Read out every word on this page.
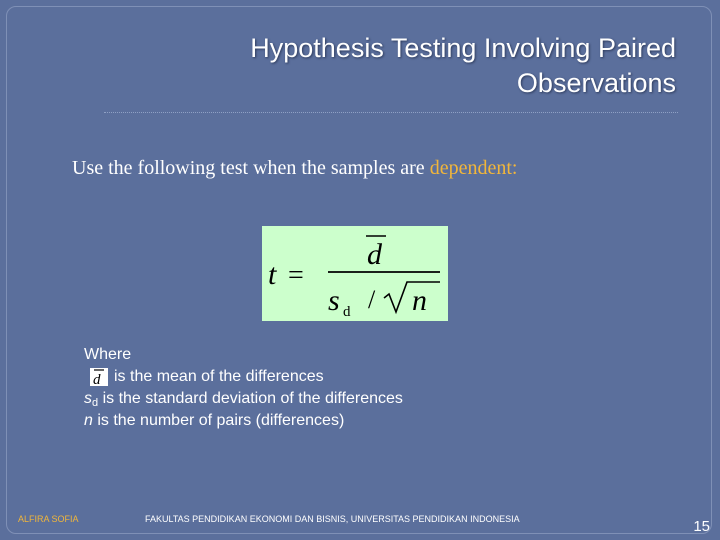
Hypothesis Testing Involving Paired
Observations
Use the following test when the samples are dependent:
t =
d
s d / n
Where
d is the mean of the differences
$s_d$ is the standard deviation of the differences
n is the number of pairs (differences)
ALFIRA SOFIA	FAKULTAS PENDIDIKAN EKONOMI DAN BISNIS, UNIVERSITAS PENDIDIKAN INDONESIA	15
